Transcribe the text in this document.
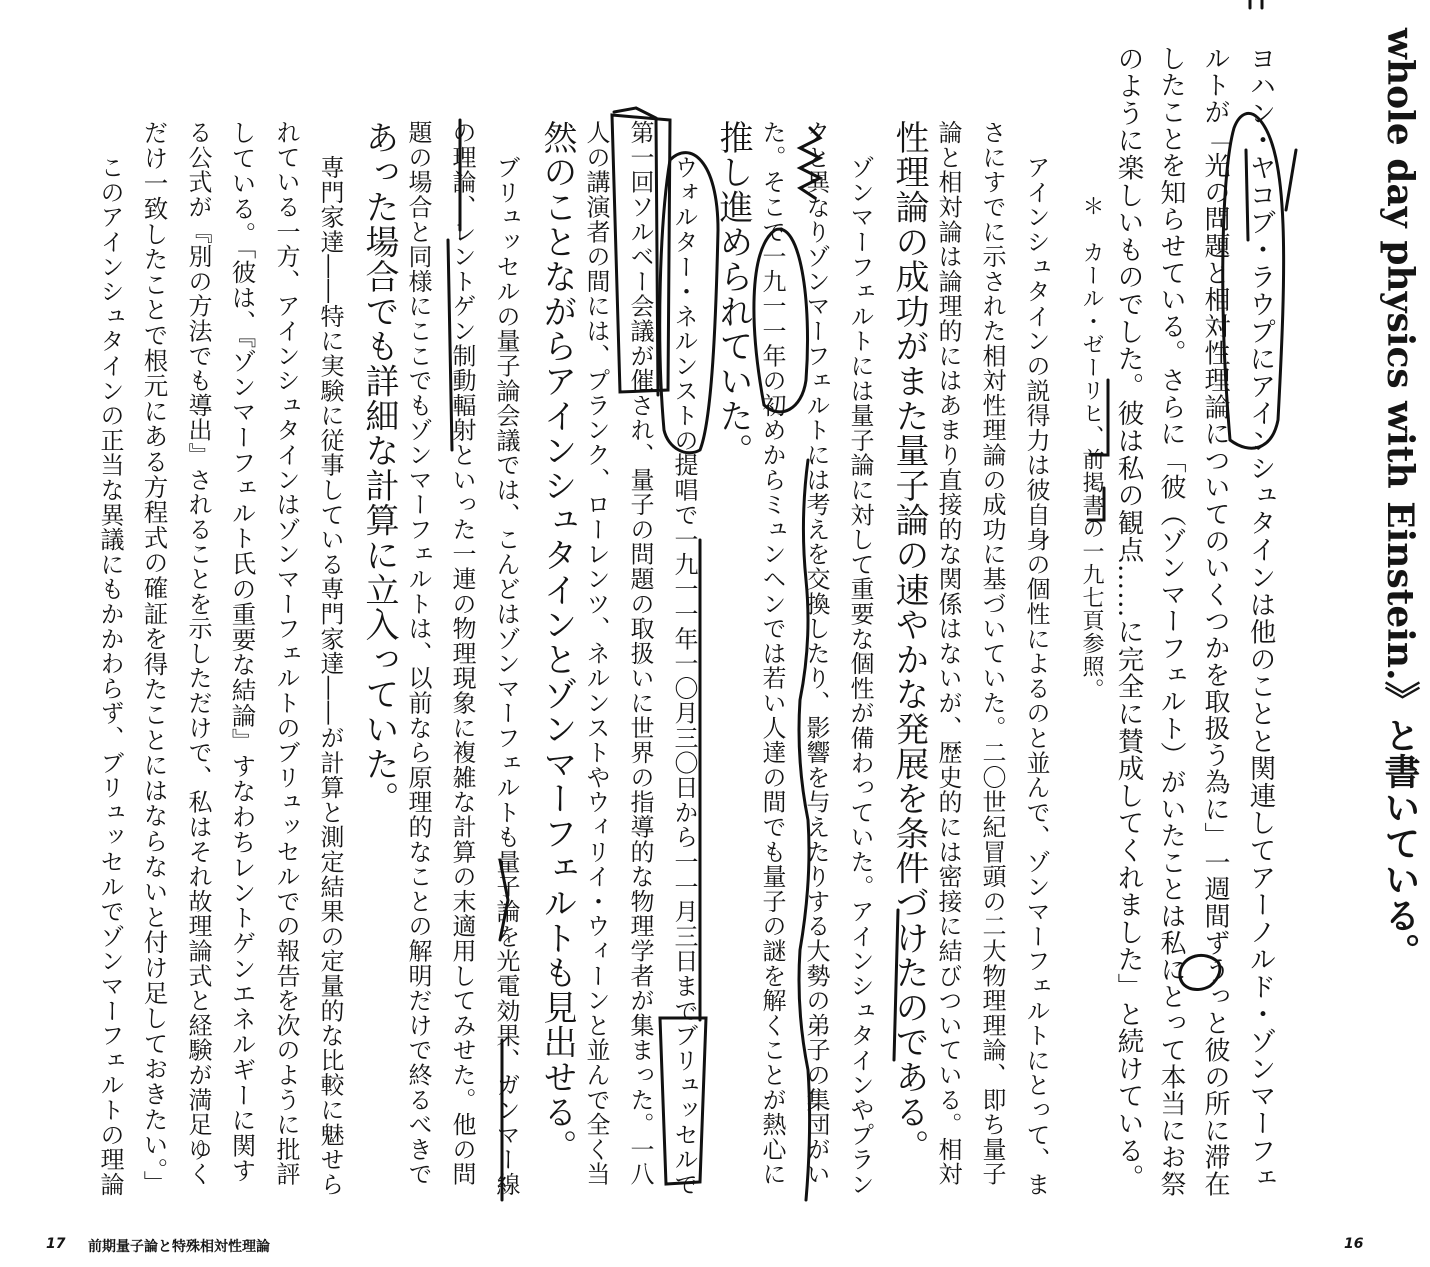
whole day physics with Einstein.》と書いている。
ヨハン・ヤコブ・ラウプにアインシュタインは他のことと関連してアーノルド・ゾンマーフェ
ルトが「光の問題と相対性理論についてのいくつかを取扱う為に」一週間ずうっと彼の所に滞在
したことを知らせている。さらに「彼（ゾンマーフェルト）がいたことは私にとって本当にお祭
のように楽しいものでした。彼は私の観点……に完全に賛成してくれました」と続けている。
＊　カール・ゼーリヒ、前掲書の一九七頁参照。
アインシュタインの説得力は彼自身の個性によるのと並んで、ゾンマーフェルトにとって、ま
さにすでに示された相対性理論の成功に基づいていた。二〇世紀冒頭の二大物理理論、即ち量子
論と相対論は論理的にはあまり直接的な関係はないが、歴史的には密接に結びついている。相対
性理論の成功がまた量子論の速やかな発展を条件づけたのである。
ゾンマーフェルトには量子論に対して重要な個性が備わっていた。アインシュタインやプラン
クと異なりゾンマーフェルトには考えを交換したり、影響を与えたりする大勢の弟子の集団がい
た。そこで一九一一年の初めからミュンヘンでは若い人達の間でも量子の謎を解くことが熱心に
推し進められていた。
ウォルター・ネルンストの提唱で一九一一年一〇月三〇日から一一月三日までブリュッセルで
第一回ソルベー会議が催され、量子の問題の取扱いに世界の指導的な物理学者が集まった。一八
人の講演者の間には、プランク、ローレンツ、ネルンストやウィリイ・ウィーンと並んで全く当
然のことながらアインシュタインとゾンマーフェルトも見出せる。
ブリュッセルの量子論会議では、こんどはゾンマーフェルトも量子論を光電効果、ガンマー線
の理論、レントゲン制動輻射といった一連の物理現象に複雑な計算の末適用してみせた。他の問
題の場合と同様にここでもゾンマーフェルトは、以前なら原理的なことの解明だけで終るべきで
あった場合でも詳細な計算に立入っていた。
専門家達――特に実験に従事している専門家達――が計算と測定結果の定量的な比較に魅せら
れている一方、アインシュタインはゾンマーフェルトのブリュッセルでの報告を次のように批評
している。「彼は、『ゾンマーフェルト氏の重要な結論』すなわちレントゲンエネルギーに関す
る公式が『別の方法でも導出』されることを示しただけで、私はそれ故理論式と経験が満足ゆく
だけ一致したことで根元にある方程式の確証を得たことにはならないと付け足しておきたい。」
このアインシュタインの正当な異議にもかかわらず、ブリュッセルでゾンマーフェルトの理論
17 前期量子論と特殊相対性理論	16
